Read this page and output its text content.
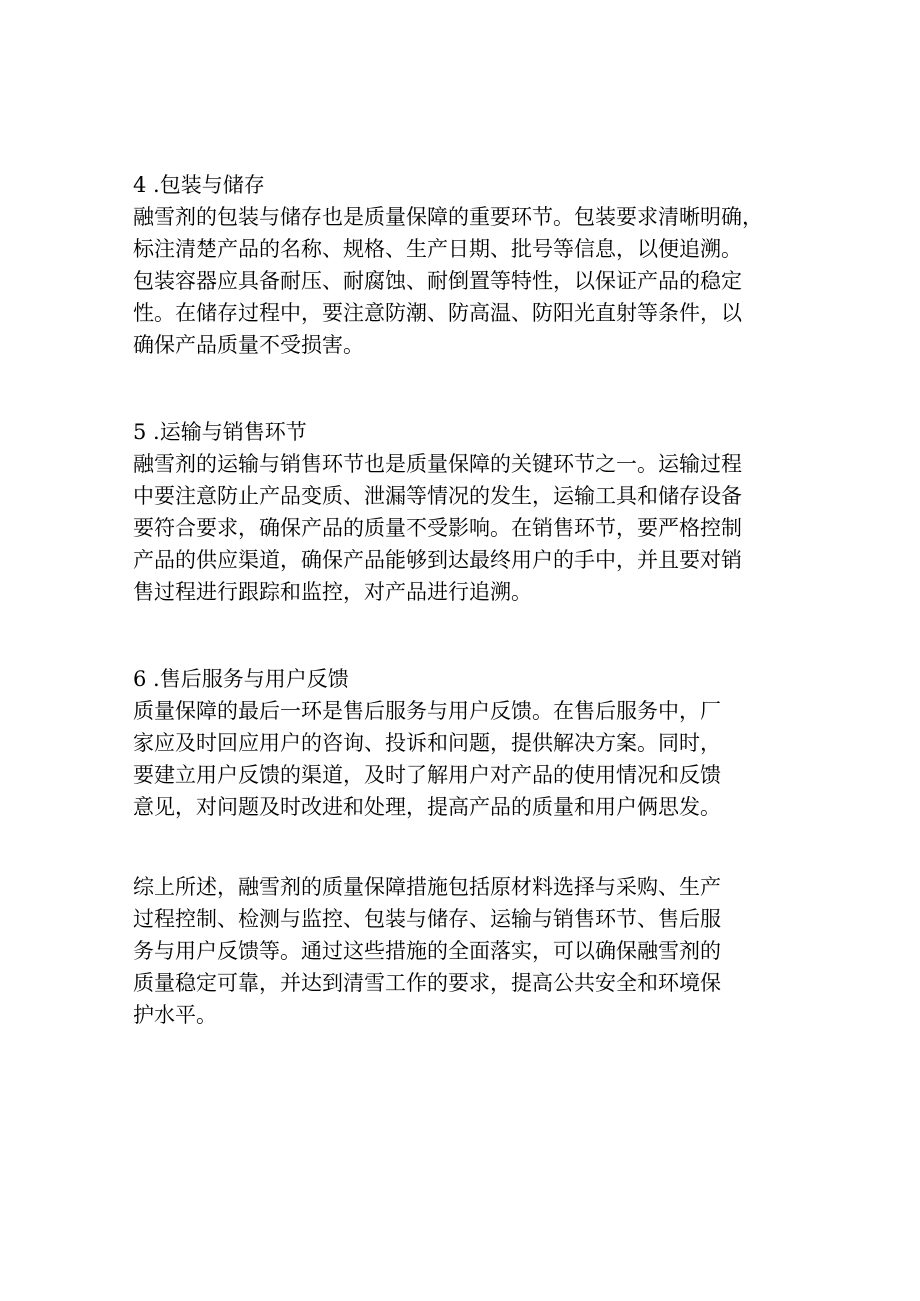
4 .包装与储存
融雪剂的包装与储存也是质量保障的重要环节。包装要求清晰明确，
标注清楚产品的名称、规格、生产日期、批号等信息，以便追溯。
包装容器应具备耐压、耐腐蚀、耐倒置等特性，以保证产品的稳定
性。在储存过程中，要注意防潮、防高温、防阳光直射等条件，以
确保产品质量不受损害。
5 .运输与销售环节
融雪剂的运输与销售环节也是质量保障的关键环节之一。运输过程
中要注意防止产品变质、泄漏等情况的发生，运输工具和储存设备
要符合要求，确保产品的质量不受影响。在销售环节，要严格控制
产品的供应渠道，确保产品能够到达最终用户的手中，并且要对销
售过程进行跟踪和监控，对产品进行追溯。
6 .售后服务与用户反馈
质量保障的最后一环是售后服务与用户反馈。在售后服务中，厂
家应及时回应用户的咨询、投诉和问题，提供解决方案。同时，
要建立用户反馈的渠道，及时了解用户对产品的使用情况和反馈
意见，对问题及时改进和处理，提高产品的质量和用户俩思发。
综上所述，融雪剂的质量保障措施包括原材料选择与采购、生产
过程控制、检测与监控、包装与储存、运输与销售环节、售后服
务与用户反馈等。通过这些措施的全面落实，可以确保融雪剂的
质量稳定可靠，并达到清雪工作的要求，提高公共安全和环境保
护水平。
